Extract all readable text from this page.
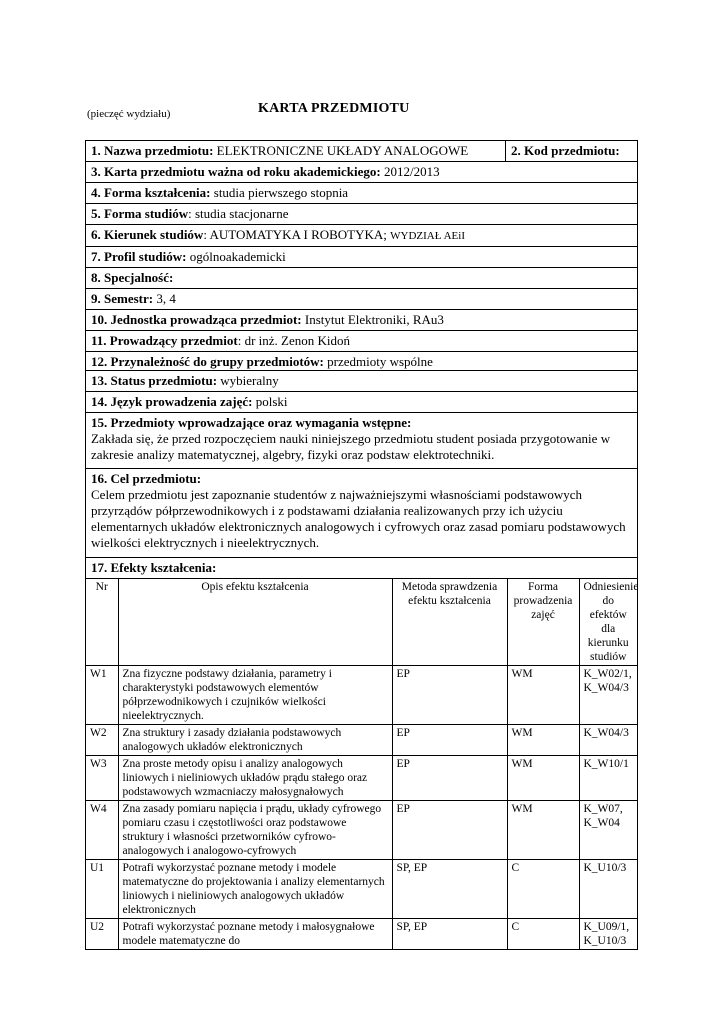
(pieczęć wydziału)	KARTA PRZEDMIOTU
1. Nazwa przedmiotu: ELEKTRONICZNE UKŁADY ANALOGOWE	2. Kod przedmiotu:
3. Karta przedmiotu ważna od roku akademickiego: 2012/2013
4. Forma kształcenia: studia pierwszego stopnia
5. Forma studiów: studia stacjonarne
6. Kierunek studiów: AUTOMATYKA I ROBOTYKA; WYDZIAŁ AEiI
7. Profil studiów: ogólnoakademicki
8. Specjalność:
9. Semestr: 3, 4
10. Jednostka prowadząca przedmiot: Instytut Elektroniki, RAu3
11. Prowadzący przedmiot: dr inż. Zenon Kidoń
12. Przynależność do grupy przedmiotów: przedmioty wspólne
13. Status przedmiotu: wybieralny
14. Język prowadzenia zajęć: polski
15. Przedmioty wprowadzające oraz wymagania wstępne:
Zakłada się, że przed rozpoczęciem nauki niniejszego przedmiotu student posiada przygotowanie w zakresie analizy matematycznej, algebry, fizyki oraz podstaw elektrotechniki.
16. Cel przedmiotu:
Celem przedmiotu jest zapoznanie studentów z najważniejszymi własnościami podstawowych przyrządów półprzewodnikowych i z podstawami działania realizowanych przy ich użyciu elementarnych układów elektronicznych analogowych i cyfrowych oraz zasad pomiaru podstawowych wielkości elektrycznych i nieelektrycznych.
17. Efekty kształcenia:
Nr	Opis efektu kształcenia	Metoda sprawdzenia efektu kształcenia	Forma prowadzenia zajęć	Odniesienie do efektów dla kierunku studiów
W1	Zna fizyczne podstawy działania, parametry i charakterystyki podstawowych elementów półprzewodnikowych i czujników wielkości nieelektrycznych.	EP	WM	K_W02/1, K_W04/3
W2	Zna struktury i zasady działania podstawowych analogowych układów elektronicznych	EP	WM	K_W04/3
W3	Zna proste metody opisu i analizy analogowych liniowych i nieliniowych układów prądu stałego oraz podstawowych wzmacniaczy małosygnałowych	EP	WM	K_W10/1
W4	Zna zasady pomiaru napięcia i prądu, układy cyfrowego pomiaru czasu i częstotliwości oraz podstawowe struktury i własności przetworników cyfrowo-analogowych i analogowo-cyfrowych	EP	WM	K_W07, K_W04
U1	Potrafi wykorzystać poznane metody i modele matematyczne do projektowania i analizy elementarnych liniowych i nieliniowych analogowych układów elektronicznych	SP, EP	C	K_U10/3
U2	Potrafi wykorzystać poznane metody i małosygnałowe modele matematyczne do	SP, EP	C	K_U09/1, K_U10/3
